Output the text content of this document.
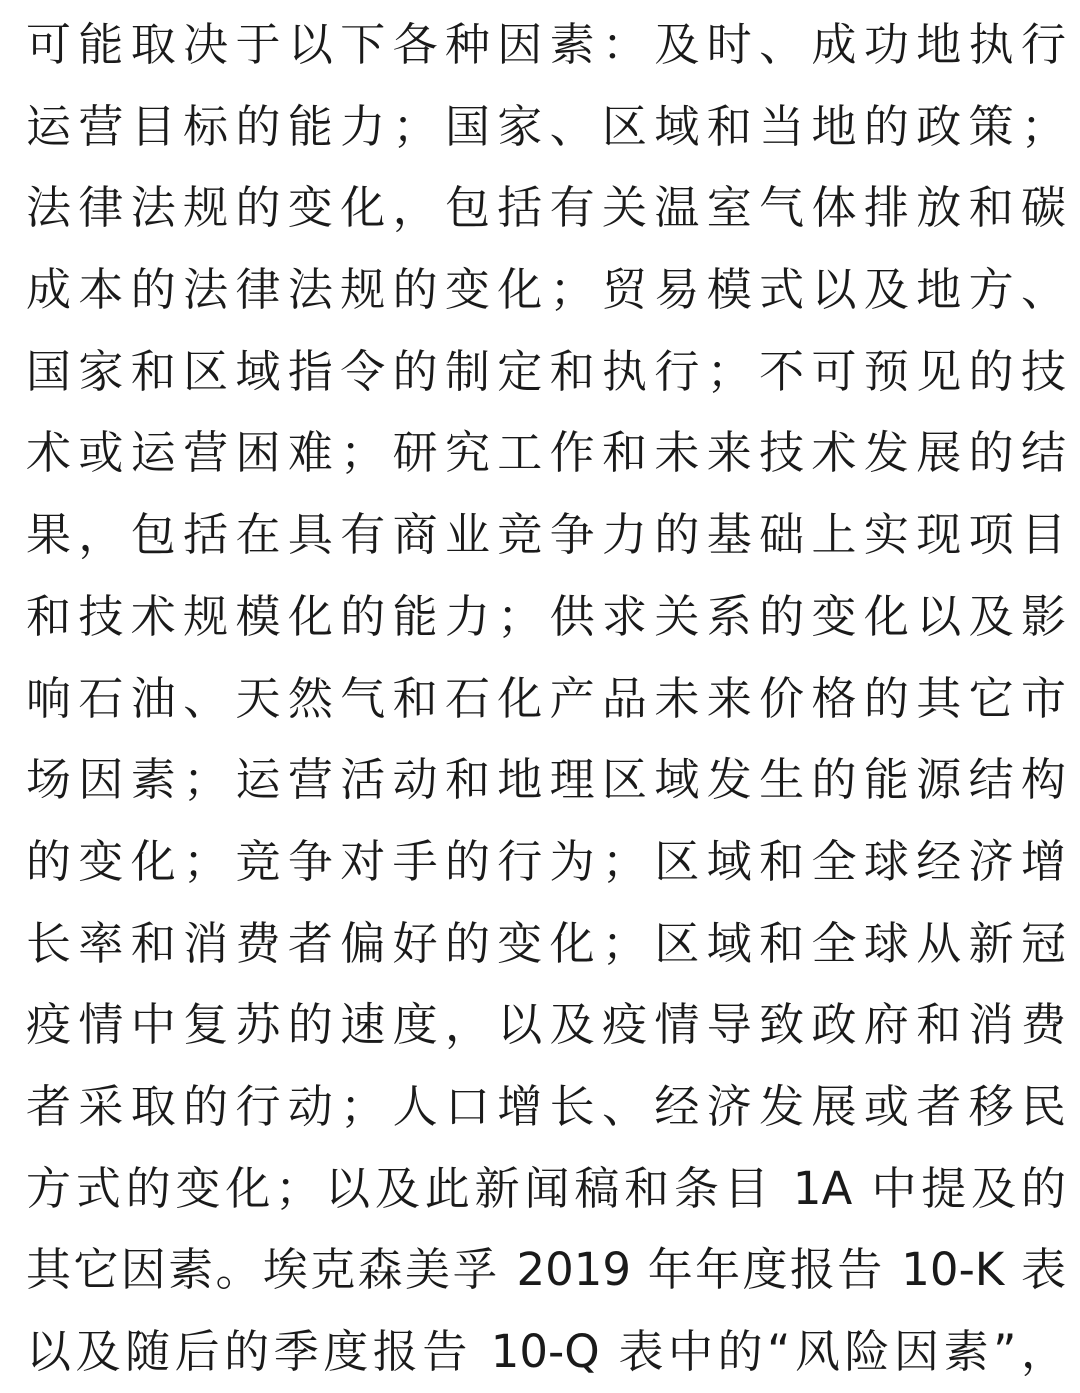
可能取决于以下各种因素：及时、成功地执行
运营目标的能力；国家、区域和当地的政策；
法律法规的变化，包括有关温室气体排放和碳
成本的法律法规的变化；贸易模式以及地方、
国家和区域指令的制定和执行；不可预见的技
术或运营困难；研究工作和未来技术发展的结
果，包括在具有商业竞争力的基础上实现项目
和技术规模化的能力；供求关系的变化以及影
响石油、天然气和石化产品未来价格的其它市
场因素；运营活动和地理区域发生的能源结构
的变化；竞争对手的行为；区域和全球经济增
长率和消费者偏好的变化；区域和全球从新冠
疫情中复苏的速度，以及疫情导致政府和消费
者采取的行动；人口增长、经济发展或者移民
方式的变化；以及此新闻稿和条目 1A 中提及的
其它因素。埃克森美孚 2019 年年度报告 10-K 表
以及随后的季度报告 10-Q 表中的“风险因素”，
